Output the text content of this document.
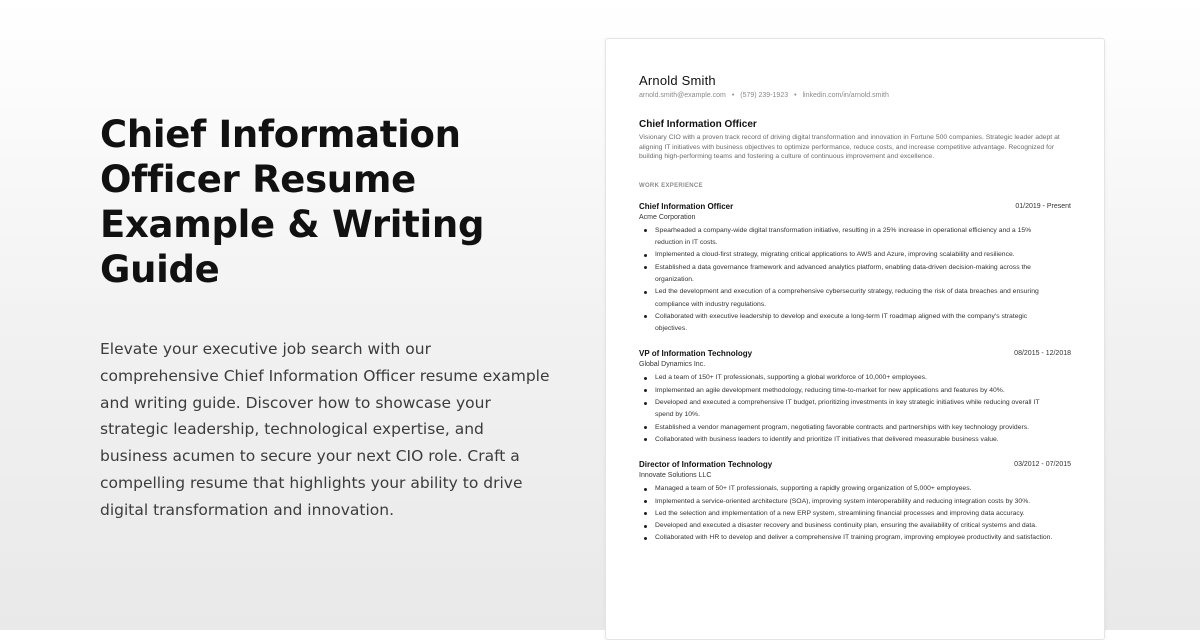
Chief Information Officer Resume Example & Writing Guide

Elevate your executive job search with our comprehensive Chief Information Officer resume example and writing guide. Discover how to showcase your strategic leadership, technological expertise, and business acumen to secure your next CIO role. Craft a compelling resume that highlights your ability to drive digital transformation and innovation.

Arnold Smith
arnold.smith@example.com • (579) 239-1923 • linkedin.com/in/arnold.smith
Chief Information Officer
Visionary CIO with a proven track record of driving digital transformation and innovation in Fortune 500 companies. Strategic leader adept at aligning IT initiatives with business objectives to optimize performance, reduce costs, and increase competitive advantage. Recognized for building high-performing teams and fostering a culture of continuous improvement and excellence.
WORK EXPERIENCE
Chief Information Officer	01/2019 - Present
Acme Corporation
Spearheaded a company-wide digital transformation initiative, resulting in a 25% increase in operational efficiency and a 15% reduction in IT costs.
Implemented a cloud-first strategy, migrating critical applications to AWS and Azure, improving scalability and resilience.
Established a data governance framework and advanced analytics platform, enabling data-driven decision-making across the organization.
Led the development and execution of a comprehensive cybersecurity strategy, reducing the risk of data breaches and ensuring compliance with industry regulations.
Collaborated with executive leadership to develop and execute a long-term IT roadmap aligned with the company's strategic objectives.
VP of Information Technology	08/2015 - 12/2018
Global Dynamics Inc.
Led a team of 150+ IT professionals, supporting a global workforce of 10,000+ employees.
Implemented an agile development methodology, reducing time-to-market for new applications and features by 40%.
Developed and executed a comprehensive IT budget, prioritizing investments in key strategic initiatives while reducing overall IT spend by 10%.
Established a vendor management program, negotiating favorable contracts and partnerships with key technology providers.
Collaborated with business leaders to identify and prioritize IT initiatives that delivered measurable business value.
Director of Information Technology	03/2012 - 07/2015
Innovate Solutions LLC
Managed a team of 50+ IT professionals, supporting a rapidly growing organization of 5,000+ employees.
Implemented a service-oriented architecture (SOA), improving system interoperability and reducing integration costs by 30%.
Led the selection and implementation of a new ERP system, streamlining financial processes and improving data accuracy.
Developed and executed a disaster recovery and business continuity plan, ensuring the availability of critical systems and data.
Collaborated with HR to develop and deliver a comprehensive IT training program, improving employee productivity and satisfaction.
